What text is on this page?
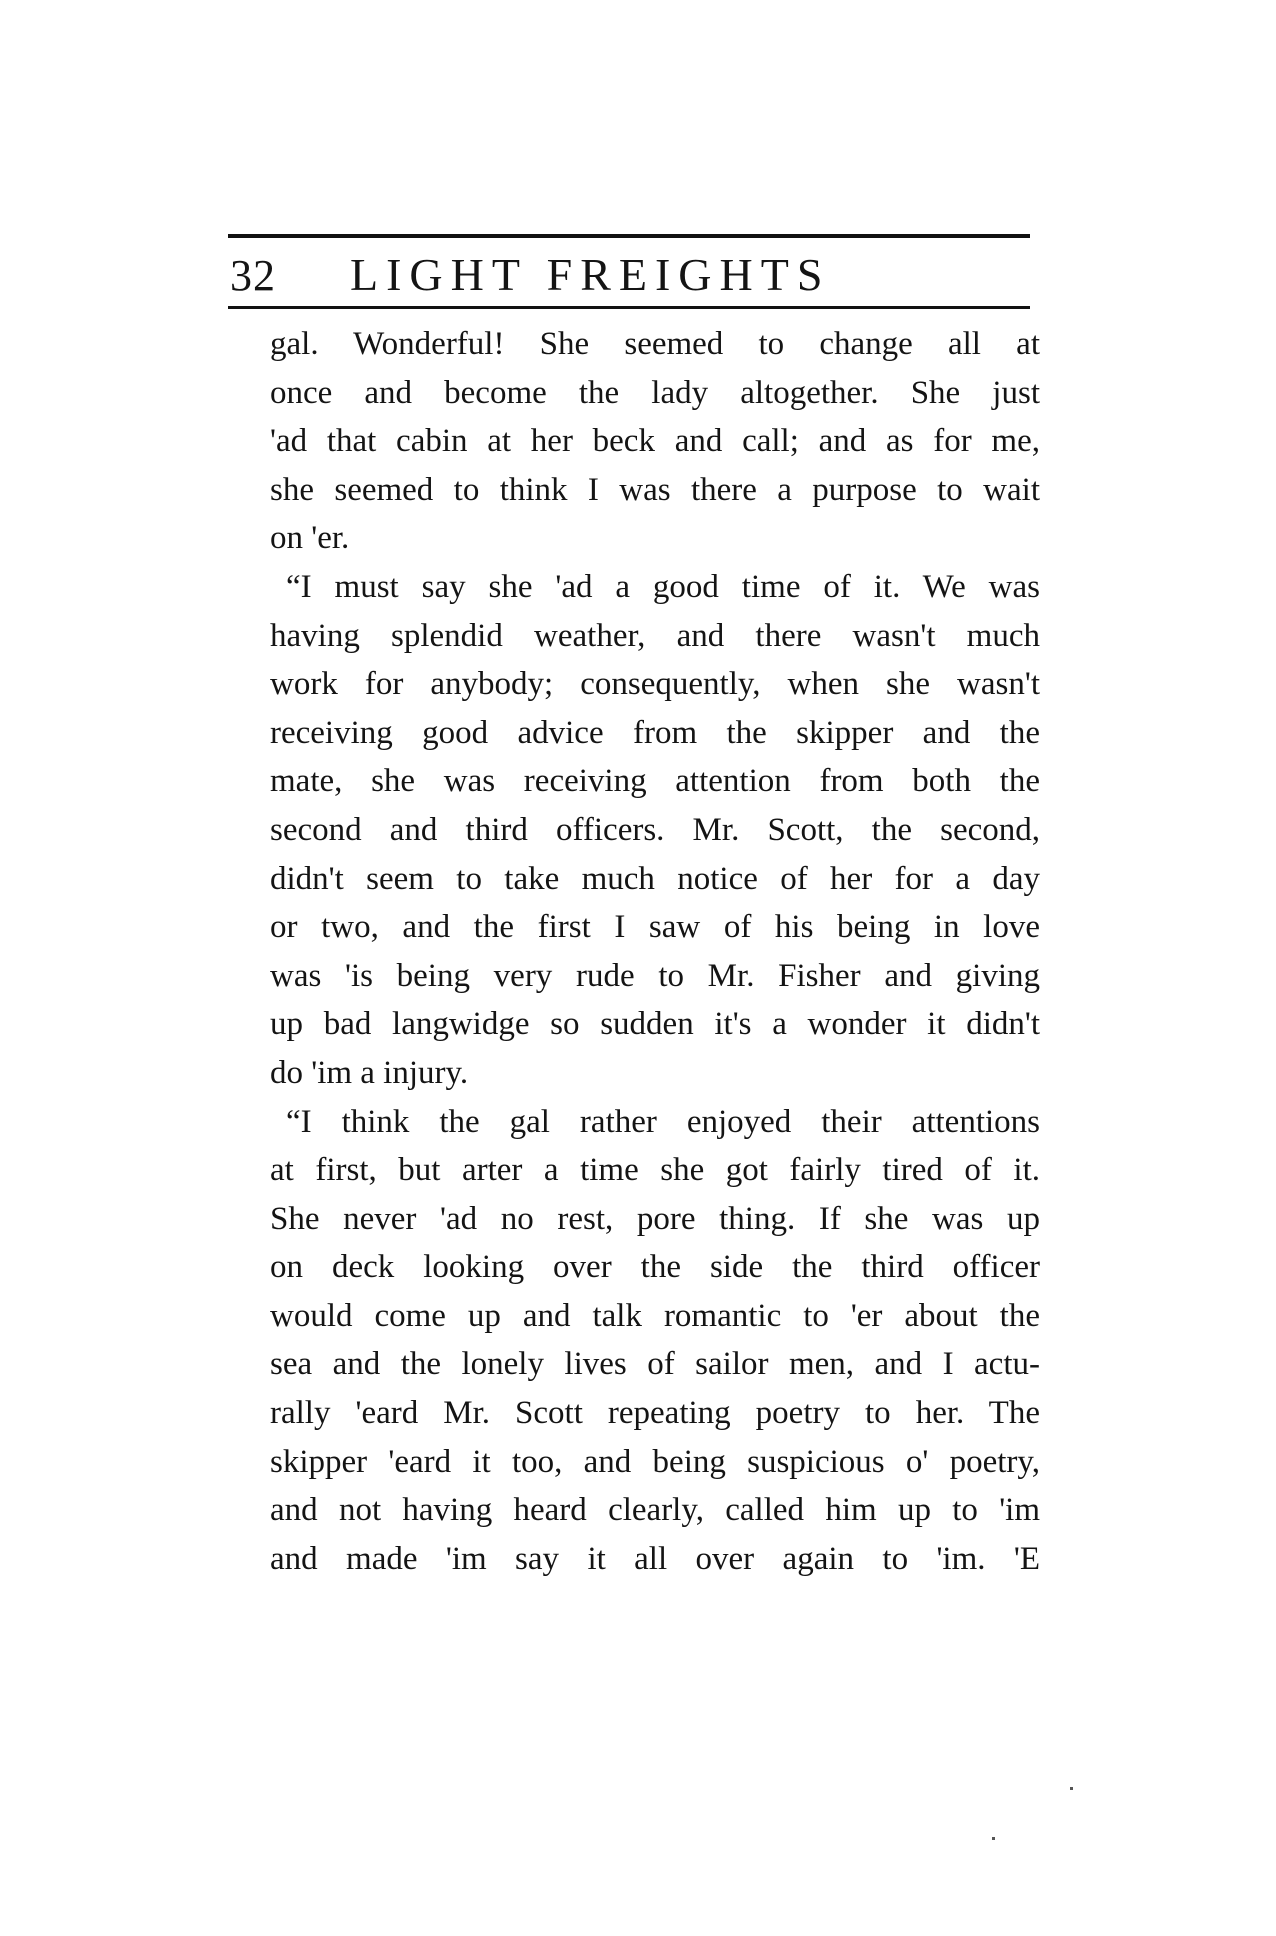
32	LIGHT FREIGHTS
gal. Wonderful! She seemed to change all at
once and become the lady altogether. She just
'ad that cabin at her beck and call; and as for me,
she seemed to think I was there a purpose to wait
on 'er.
“I must say she 'ad a good time of it. We was
having splendid weather, and there wasn't much
work for anybody; consequently, when she wasn't
receiving good advice from the skipper and the
mate, she was receiving attention from both the
second and third officers. Mr. Scott, the second,
didn't seem to take much notice of her for a day
or two, and the first I saw of his being in love
was 'is being very rude to Mr. Fisher and giving
up bad langwidge so sudden it's a wonder it didn't
do 'im a injury.
“I think the gal rather enjoyed their attentions
at first, but arter a time she got fairly tired of it.
She never 'ad no rest, pore thing. If she was up
on deck looking over the side the third officer
would come up and talk romantic to 'er about the
sea and the lonely lives of sailor men, and I actu-
rally 'eard Mr. Scott repeating poetry to her. The
skipper 'eard it too, and being suspicious o' poetry,
and not having heard clearly, called him up to 'im
and made 'im say it all over again to 'im. 'E
